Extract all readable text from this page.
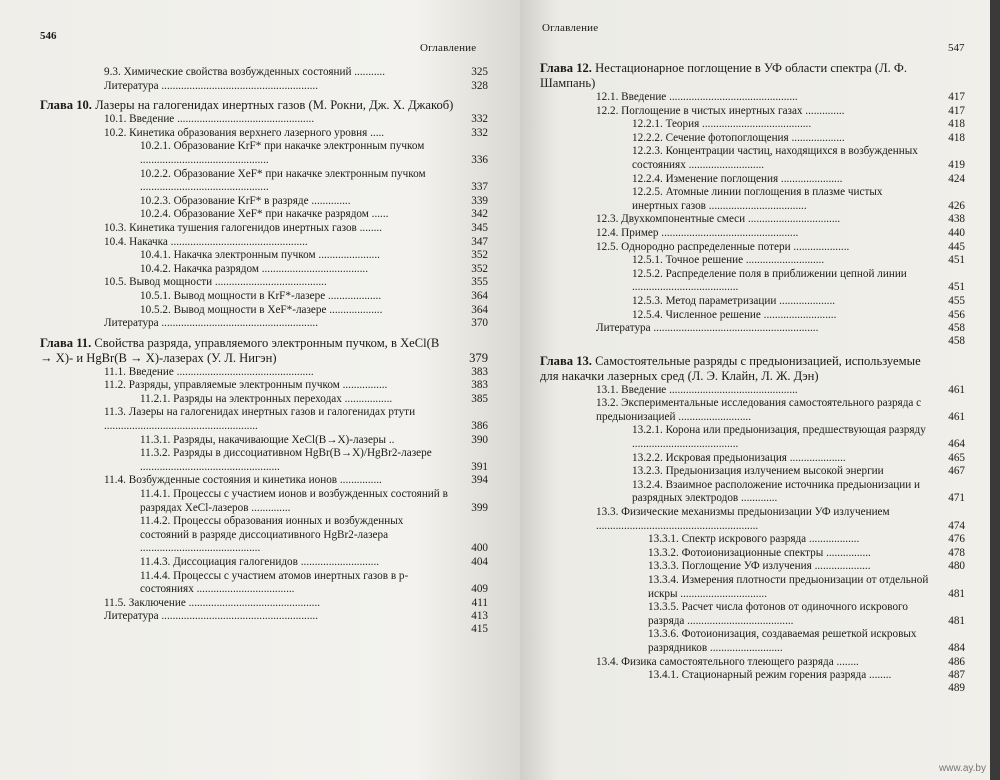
546
Оглавление
9.3. Химические свойства возбужденных состояний ...........	325
Литература ........................................................	328
Глава 10. Лазеры на галогенидах инертных газов (М. Рокни, Дж. Х. Джакоб)
10.1. Введение .................................................	332
10.2. Кинетика образования верхнего лазерного уровня .....	332
10.2.1. Образование KrF* при накачке электронным пучком ..............................................	336
10.2.2. Образование XeF* при накачке электронным пучком ..............................................	337
10.2.3. Образование KrF* в разряде ..............	339
10.2.4. Образование XeF* при накачке разрядом ......	342
10.3. Кинетика тушения галогенидов инертных газов ........	345
10.4. Накачка .................................................	347
10.4.1. Накачка электронным пучком ......................	352
10.4.2. Накачка разрядом ......................................	352
10.5. Вывод мощности ........................................	355
10.5.1. Вывод мощности в KrF*-лазере ...................	364
10.5.2. Вывод мощности в XeF*-лазере ...................	364
Литература ........................................................	370
Глава 11. Свойства разряда, управляемого электронным пучком, в XeCl(B → X)- и HgBr(B → X)-лазерах (У. Л. Нигэн)	379
11.1. Введение .................................................	383
11.2. Разряды, управляемые электронным пучком ................	383
11.2.1. Разряды на электронных переходах .................	385
11.3. Лазеры на галогенидах инертных газов и галогенидах ртути .......................................................	386
11.3.1. Разряды, накачивающие XeCl(B→X)-лазеры ..	390
11.3.2. Разряды в диссоциативном HgBr(B→X)/HgBr2-лазере ..................................................	391
11.4. Возбужденные состояния и кинетика ионов ...............	394
11.4.1. Процессы с участием ионов и возбужденных состояний в разрядах XeCl-лазеров ..............	399
11.4.2. Процессы образования ионных и возбужденных состояний в разряде диссоциативного HgBr2-лазера ...........................................	400
11.4.3. Диссоциация галогенидов ............................	404
11.4.4. Процессы с участием атомов инертных газов в p-состояниях ...................................	409
11.5. Заключение ...............................................	411
Литература ........................................................	413
415
Оглавление
547
Глава 12. Нестационарное поглощение в УФ области спектра (Л. Ф. Шампань)
12.1. Введение ..............................................	417
12.2. Поглощение в чистых инертных газах ..............	417
12.2.1. Теория .......................................	418
12.2.2. Сечение фотопоглощения ...................	418
12.2.3. Концентрации частиц, находящихся в возбужденных состояниях ...........................	419
12.2.4. Изменение поглощения ......................	424
12.2.5. Атомные линии поглощения в плазме чистых инертных газов ...................................	426
12.3. Двухкомпонентные смеси .................................	438
12.4. Пример .................................................	440
12.5. Однородно распределенные потери ....................	445
12.5.1. Точное решение ............................	451
12.5.2. Распределение поля в приближении цепной линии ......................................	451
12.5.3. Метод параметризации ....................	455
12.5.4. Численное решение ..........................	456
Литература ...........................................................	458
458
Глава 13. Самостоятельные разряды с предыонизацией, используемые для накачки лазерных сред (Л. Э. Клайн, Л. Ж. Дэн)
13.1. Введение ..............................................	461
13.2. Экспериментальные исследования самостоятельного разряда с предыонизацией ..........................	461
13.2.1. Корона или предыонизация, предшествующая разряду ......................................	464
13.2.2. Искровая предыонизация ....................	465
13.2.3. Предыонизация излучением высокой энергии	467
13.2.4. Взаимное расположение источника предыонизации и разрядных электродов .............	471
13.3. Физические механизмы предыонизации УФ излучением ..........................................................	474
13.3.1. Спектр искрового разряда ..................	476
13.3.2. Фотоионизационные спектры ................	478
13.3.3. Поглощение УФ излучения ....................	480
13.3.4. Измерения плотности предыонизации от отдельной искры ...............................	481
13.3.5. Расчет числа фотонов от одиночного искрового разряда ......................................	481
13.3.6. Фотоионизация, создаваемая решеткой искровых разрядников ..........................	484
13.4. Физика самостоятельного тлеющего разряда ........	486
13.4.1. Стационарный режим горения разряда ........	487
489
www.ay.by
